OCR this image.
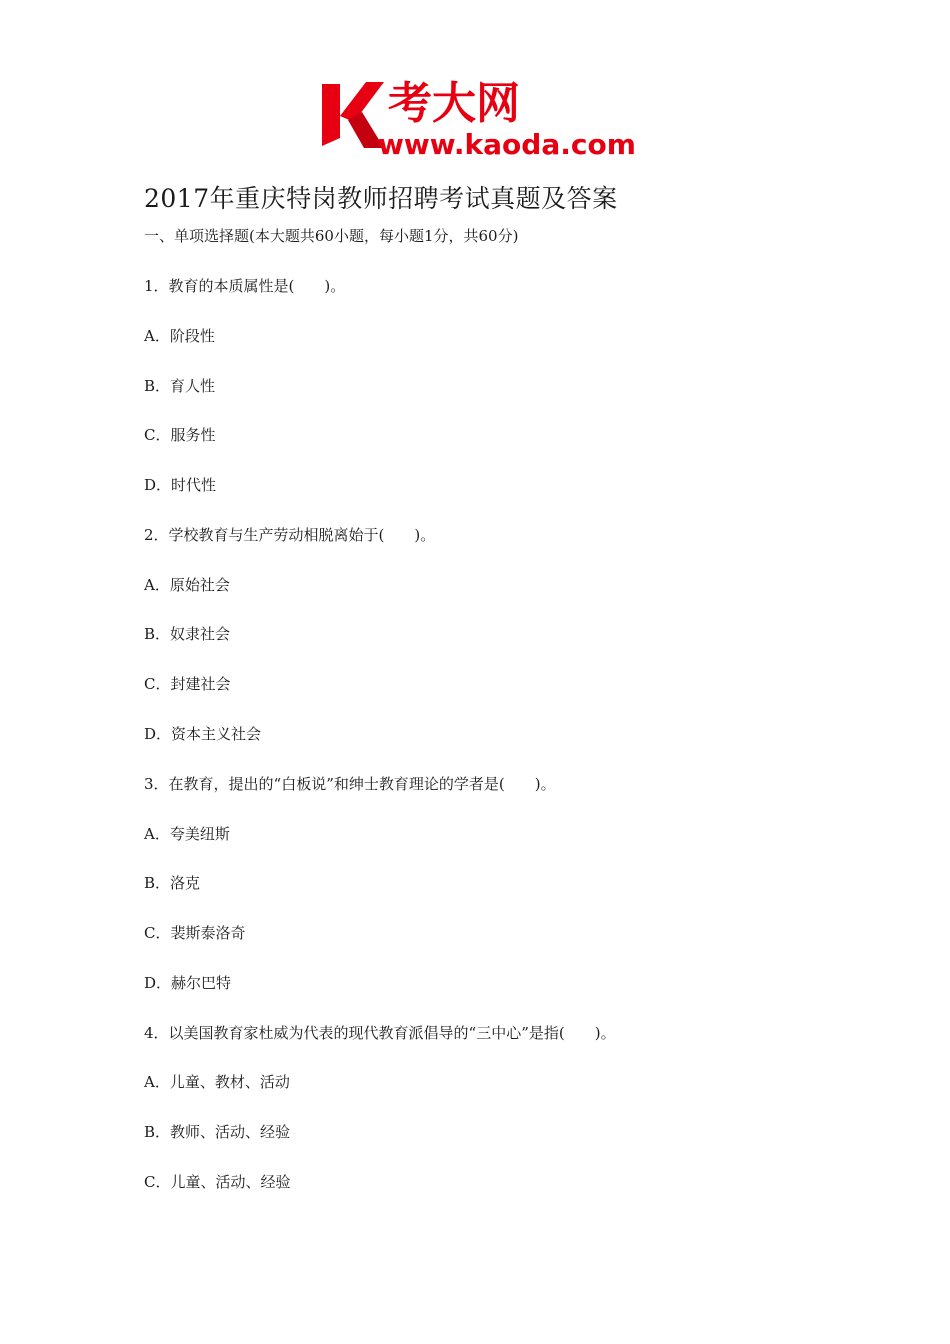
考大网
www.kaoda.com
2017年重庆特岗教师招聘考试真题及答案
一、单项选择题(本大题共60小题，每小题1分，共60分)
1．教育的本质属性是(　　)。
A．阶段性
B．育人性
C．服务性
D．时代性
2．学校教育与生产劳动相脱离始于(　　)。
A．原始社会
B．奴隶社会
C．封建社会
D．资本主义社会
3．在教育，提出的“白板说”和绅士教育理论的学者是(　　)。
A．夸美纽斯
B．洛克
C．裴斯泰洛奇
D．赫尔巴特
4．以美国教育家杜威为代表的现代教育派倡导的“三中心”是指(　　)。
A．儿童、教材、活动
B．教师、活动、经验
C．儿童、活动、经验
